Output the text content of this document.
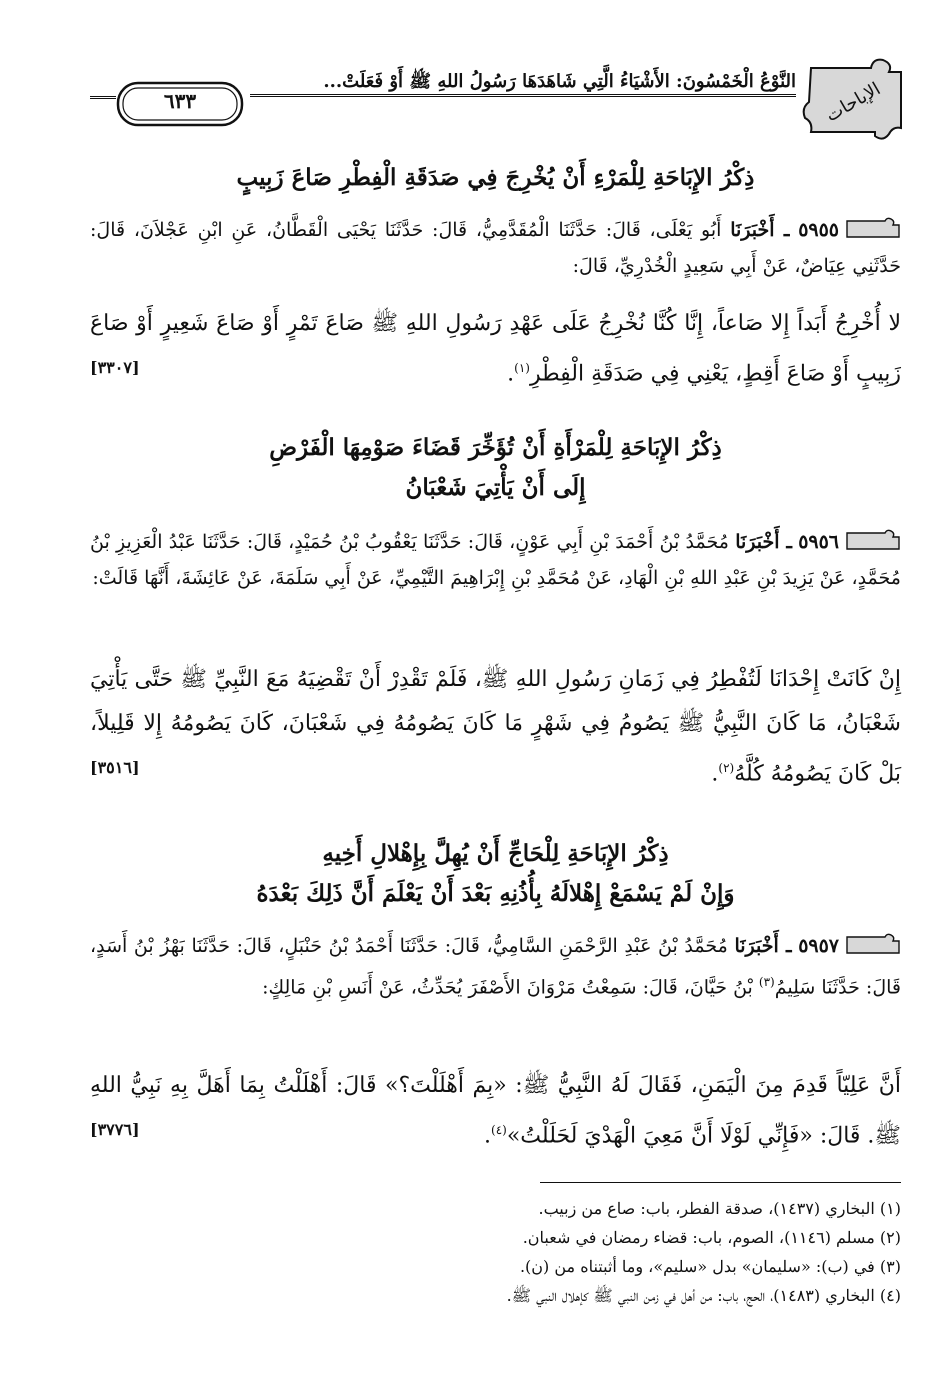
٦٣٣
النَّوْعُ الْخَمْسُونَ: الأَشْيَاءُ الَّتِي شَاهَدَهَا رَسُولُ اللهِ ﷺ أَوْ فَعَلَتْ... الإباحات
ذِكْرُ الإِبَاحَةِ لِلْمَرْءِ أَنْ يُخْرِجَ فِي صَدَقَةِ الْفِطْرِ صَاعَ زَبِيبٍ
٥٩٥٥ ـ أَخْبَرَنَا أَبُو يَعْلَى، قَالَ: حَدَّثَنَا الْمُقَدَّمِيُّ، قَالَ: حَدَّثَنَا يَحْيَى الْقَطَّانُ، عَنِ ابْنِ عَجْلاَنَ، قَالَ: حَدَّثَنِي عِيَاضٌ، عَنْ أَبِي سَعِيدٍ الْخُدْرِيِّ، قَالَ:
لا أُخْرِجُ أَبَداً إِلا صَاعاً، إِنَّا كُنَّا نُخْرِجُ عَلَى عَهْدِ رَسُولِ اللهِ ﷺ صَاعَ تَمْرٍ أَوْ صَاعَ شَعِيرٍ أَوْ صَاعَ زَبِيبٍ أَوْ صَاعَ أَقِطٍ، يَعْنِي فِي صَدَقَةِ الْفِطْرِ$^{(١)}$.
[٣٣٠٧]
ذِكْرُ الإِبَاحَةِ لِلْمَرْأَةِ أَنْ تُؤَخِّرَ قَضَاءَ صَوْمِهَا الْفَرْضِ
إِلَى أَنْ يَأْتِيَ شَعْبَانُ
٥٩٥٦ ـ أَخْبَرَنَا مُحَمَّدُ بْنُ أَحْمَدَ بْنِ أَبِي عَوْنٍ، قَالَ: حَدَّثَنَا يَعْقُوبُ بْنُ حُمَيْدٍ، قَالَ: حَدَّثَنَا عَبْدُ الْعَزِيزِ بْنُ مُحَمَّدٍ، عَنْ يَزِيدَ بْنِ عَبْدِ اللهِ بْنِ الْهَادِ، عَنْ مُحَمَّدِ بْنِ إِبْرَاهِيمَ التَّيْمِيِّ، عَنْ أَبِي سَلَمَةَ، عَنْ عَائِشَةَ، أَنَّهَا قَالَتْ:
إِنْ كَانَتْ إِحْدَانَا لَتُفْطِرُ فِي زَمَانِ رَسُولِ اللهِ ﷺ، فَلَمْ تَقْدِرْ أَنْ تَقْضِيَهُ مَعَ النَّبِيِّ ﷺ حَتَّى يَأْتِيَ شَعْبَانُ، مَا كَانَ النَّبِيُّ ﷺ يَصُومُ فِي شَهْرٍ مَا كَانَ يَصُومُهُ فِي شَعْبَانَ، كَانَ يَصُومُهُ إِلا قَلِيلاً، بَلْ كَانَ يَصُومُهُ كُلَّهُ$^{(٢)}$.
[٣٥١٦]
ذِكْرُ الإِبَاحَةِ لِلْحَاجِّ أَنْ يُهِلَّ بِإِهْلالِ أَخِيهِ
وَإِنْ لَمْ يَسْمَعْ إِهْلالَهُ بِأُذُنِهِ بَعْدَ أَنْ يَعْلَمَ أَنَّ ذَلِكَ بَعْدَهُ
٥٩٥٧ ـ أَخْبَرَنَا مُحَمَّدُ بْنُ عَبْدِ الرَّحْمَنِ السَّامِيُّ، قَالَ: حَدَّثَنَا أَحْمَدُ بْنُ حَنْبَلٍ، قَالَ: حَدَّثَنَا بَهْزُ بْنُ أَسَدٍ، قَالَ: حَدَّثَنَا سَلِيمُ$^{(٣)}$ بْنُ حَيَّانَ، قَالَ: سَمِعْتُ مَرْوَانَ الأَصْفَرَ يُحَدِّثُ، عَنْ أَنَسِ بْنِ مَالِكٍ:
أَنَّ عَلِيّاً قَدِمَ مِنَ الْيَمَنِ، فَقَالَ لَهُ النَّبِيُّ ﷺ: «بِمَ أَهْلَلْتَ؟» قَالَ: أَهْلَلْتُ بِمَا أَهَلَّ بِهِ نَبِيُّ اللهِ ﷺ. قَالَ: «فَإِنِّي لَوْلَا أَنَّ مَعِيَ الْهَدْيَ لَحَلَلْتُ»$^{(٤)}$.
[٣٧٧٦]
(١) البخاري (١٤٣٧)، صدقة الفطر، باب: صاع من زبيب.
(٢) مسلم (١١٤٦)، الصوم، باب: قضاء رمضان في شعبان.
(٣) في (ب): «سليمان» بدل «سليم»، وما أثبتناه من (ن).
(٤) البخاري (١٤٨٣)، الحج، باب: من أهل في زمن النبي ﷺ كإهلال النبي ﷺ.
